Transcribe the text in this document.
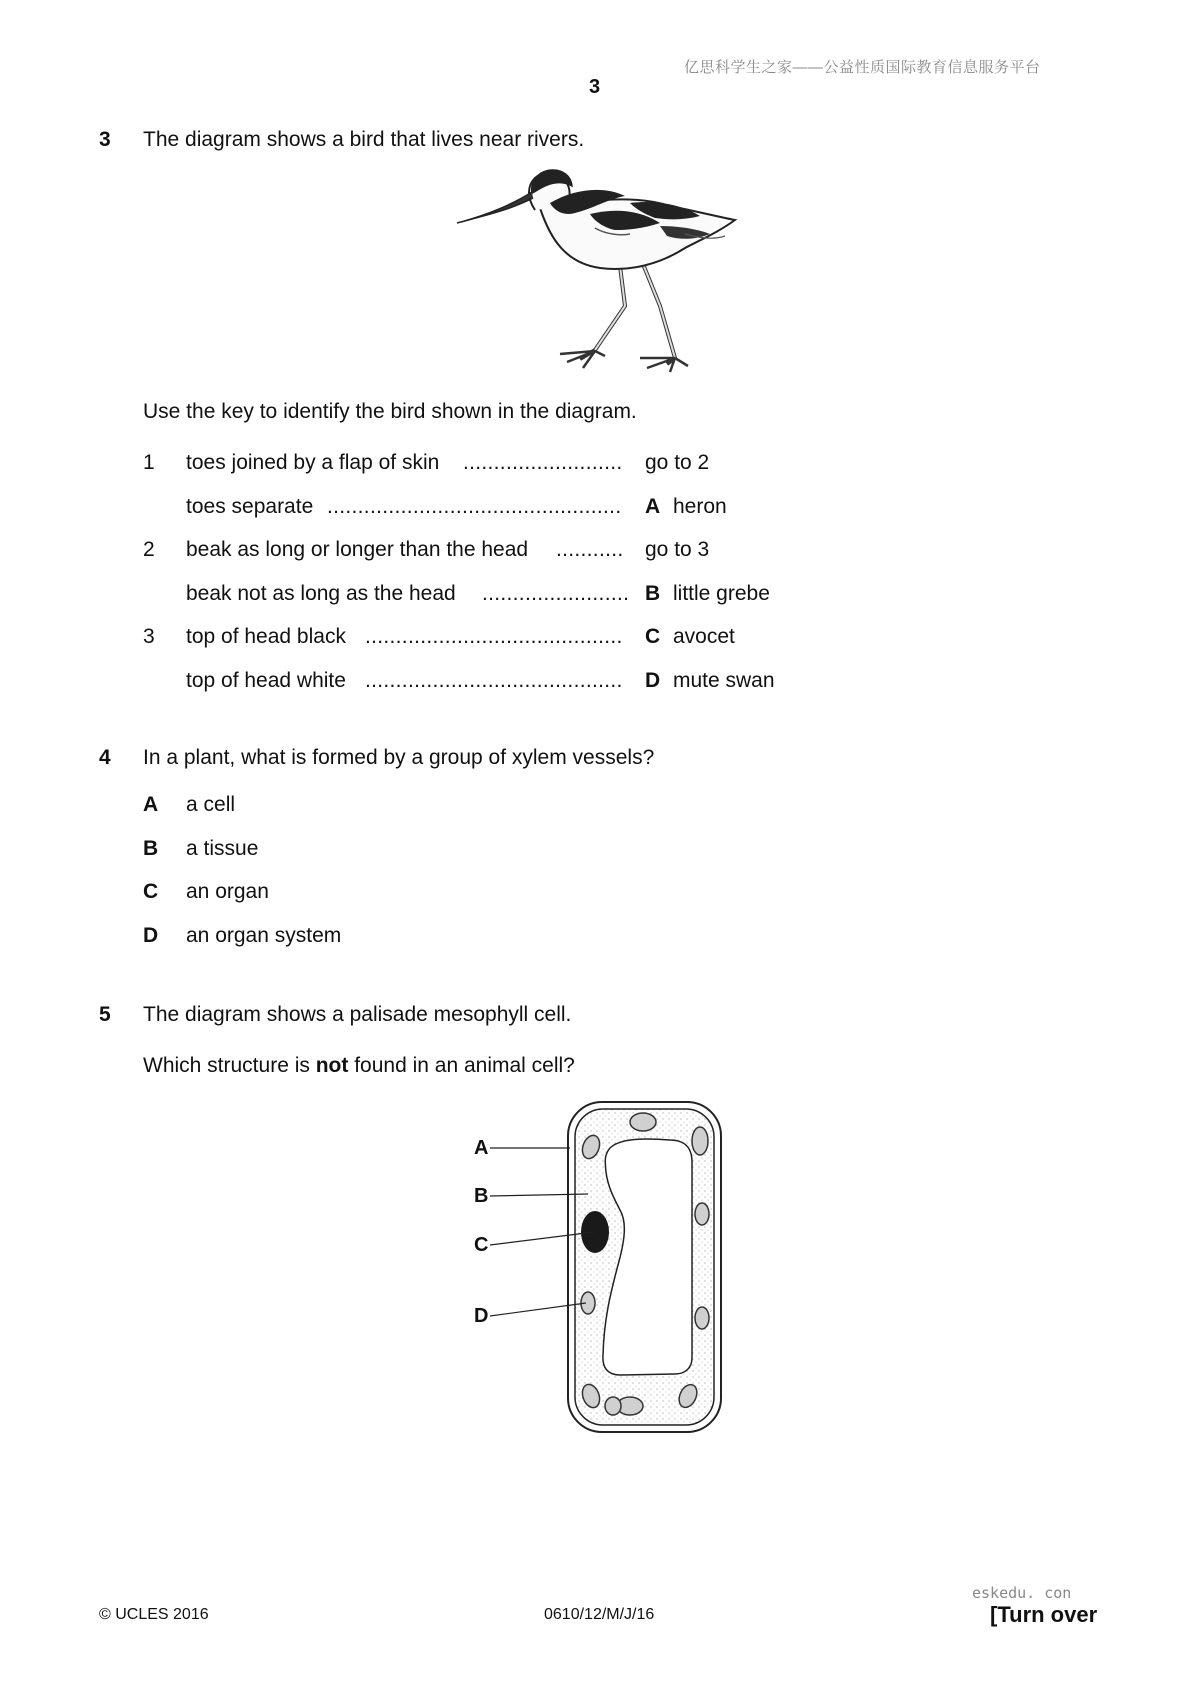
亿思科学生之家——公益性质国际教育信息服务平台
3
3 The diagram shows a bird that lives near rivers.
Use the key to identify the bird shown in the diagram.
1 toes joined by a flap of skin .......................... go to 2
toes separate ................................................ A heron
2 beak as long or longer than the head ........... go to 3
beak not as long as the head ........................ B little grebe
3 top of head black .......................................... C avocet
top of head white .......................................... D mute swan
4 In a plant, what is formed by a group of xylem vessels?
A a cell
B a tissue
C an organ
D an organ system
5 The diagram shows a palisade mesophyll cell.
Which structure is not found in an animal cell?
A
B
C
D
eskedu. con
© UCLES 2016	0610/12/M/J/16	[Turn over
